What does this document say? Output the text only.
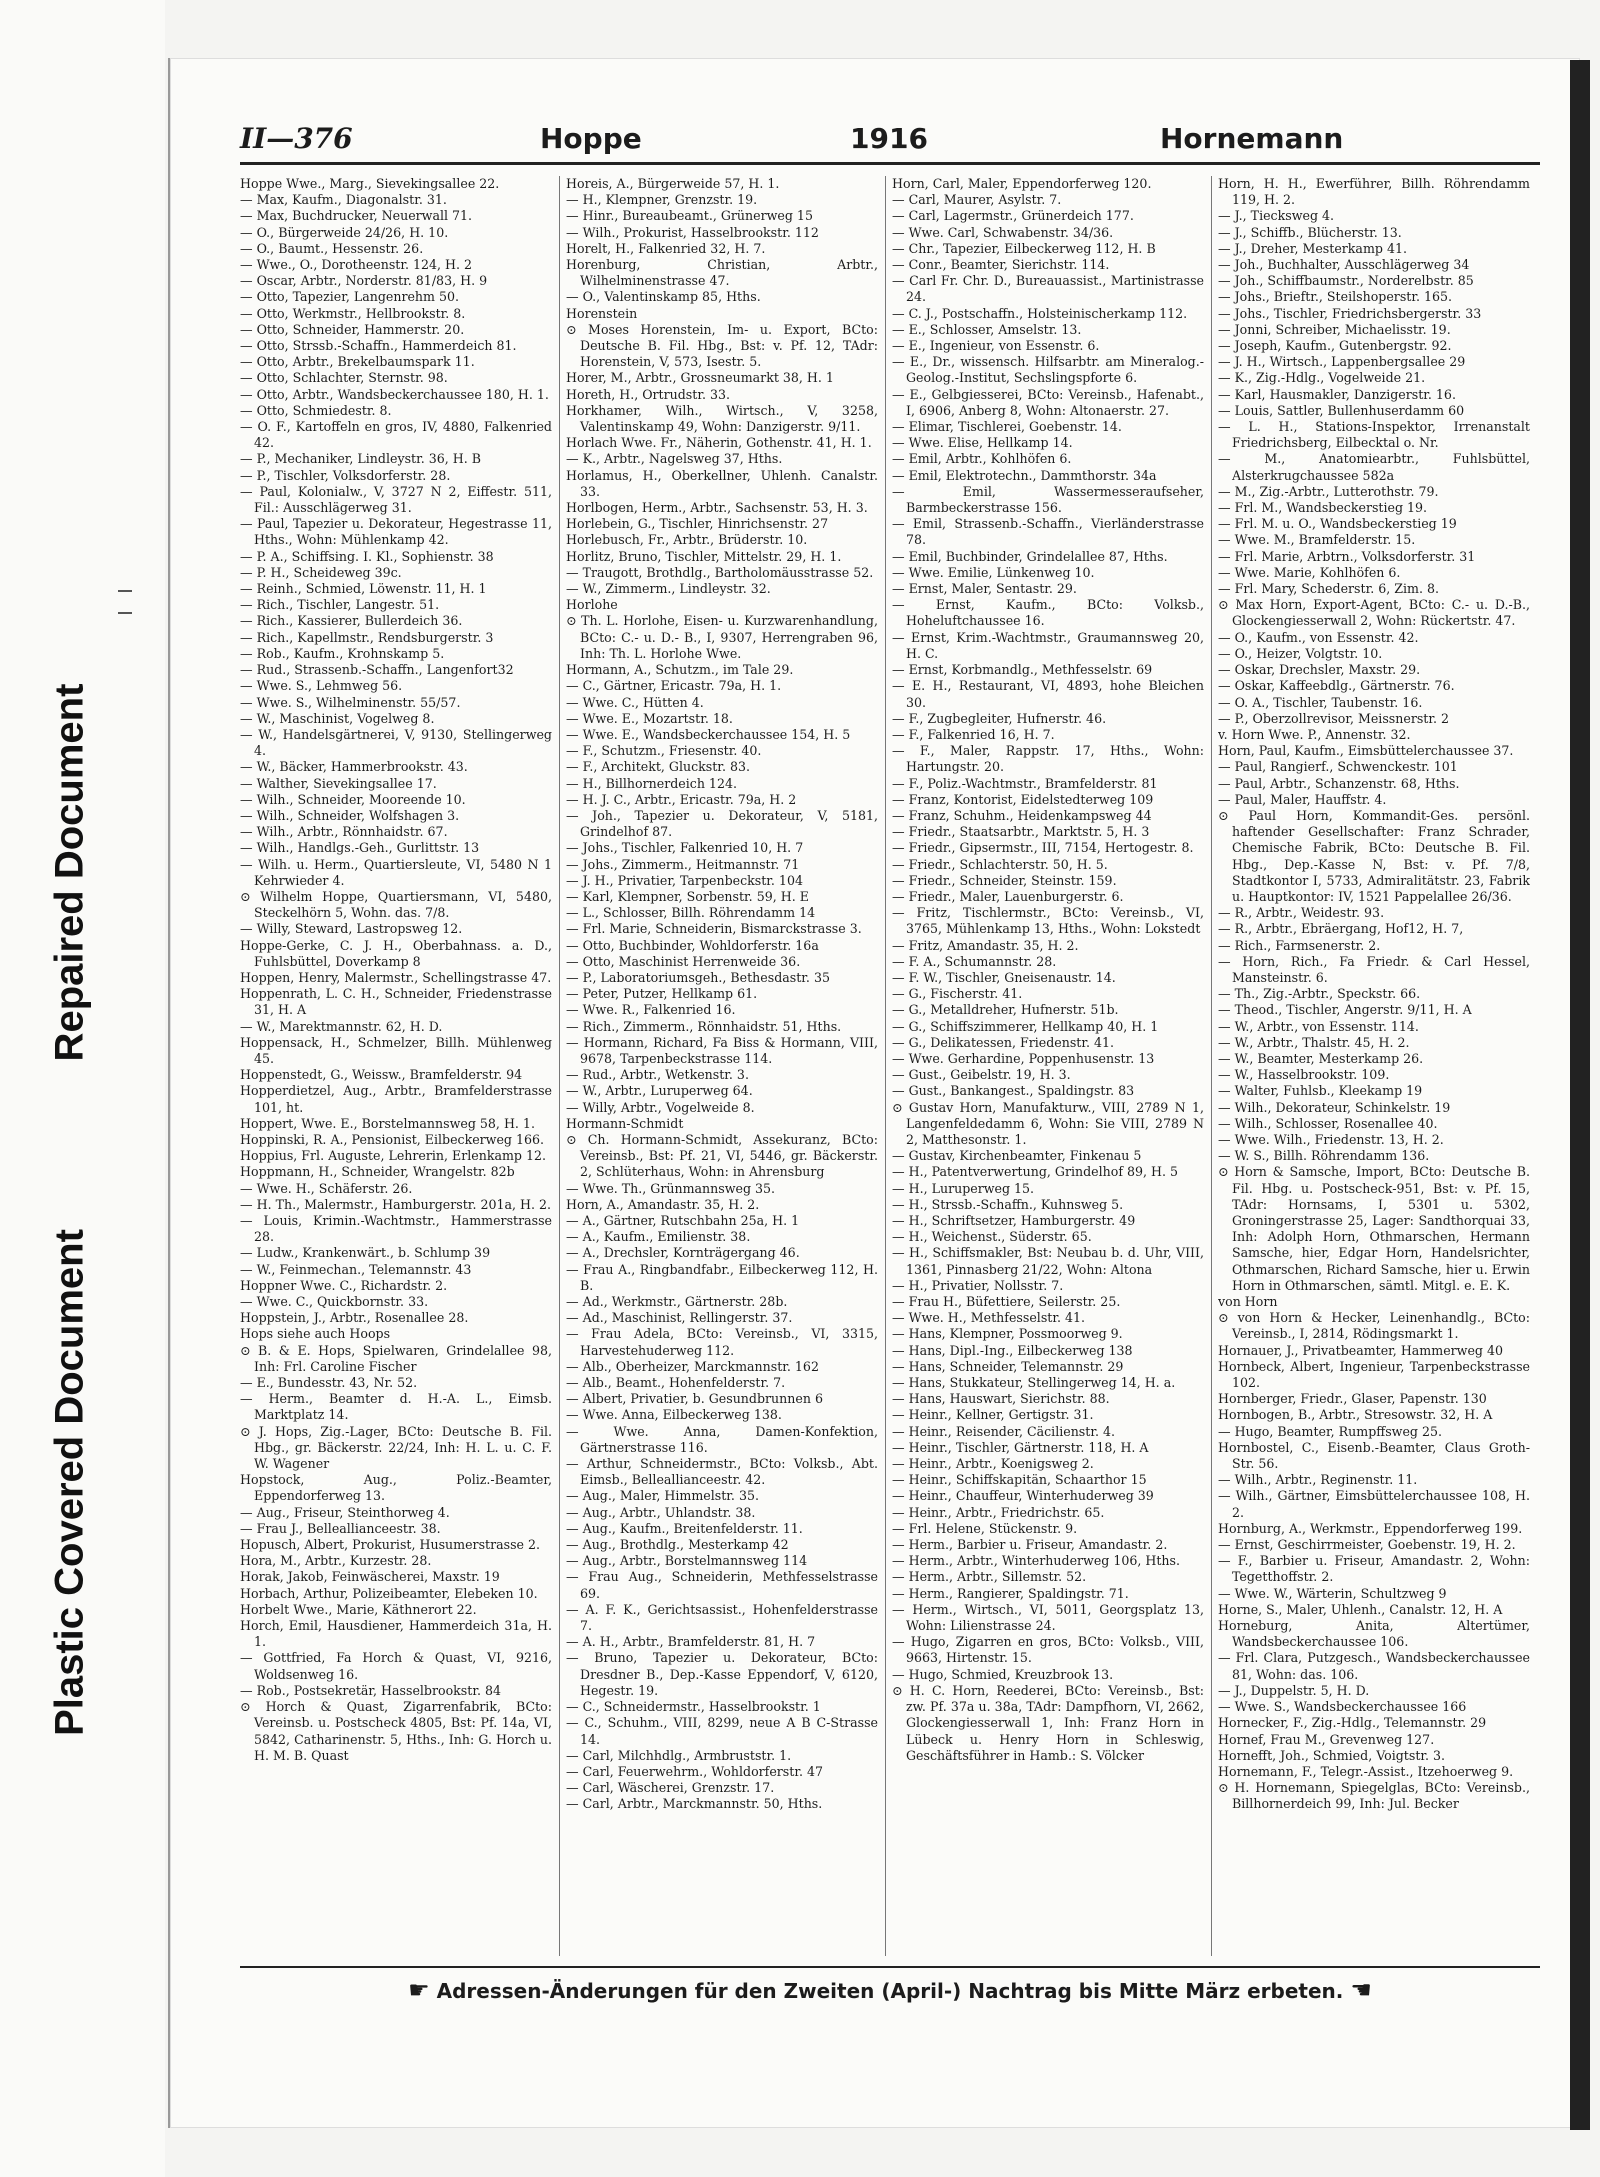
Repaired Document
Plastic Covered Document
II—376	Hoppe	1916	Hornemann

Hoppe Wwe., Marg., Sievekingsallee 22.

— Max, Kaufm., Diagonalstr. 31.

— Max, Buchdrucker, Neuerwall 71.

— O., Bürgerweide 24/26, H. 10.

— O., Baumt., Hessenstr. 26.

— Wwe., O., Dorotheenstr. 124, H. 2

— Oscar, Arbtr., Norderstr. 81/83, H. 9

— Otto, Tapezier, Langenrehm 50.

— Otto, Werkmstr., Hellbrookstr. 8.

— Otto, Schneider, Hammerstr. 20.

— Otto, Strssb.-Schaffn., Hammerdeich 81.

— Otto, Arbtr., Brekelbaumspark 11.

— Otto, Schlachter, Sternstr. 98.

— Otto, Arbtr., Wandsbeckerchaussee 180, H. 1.

— Otto, Schmiedestr. 8.

— O. F., Kartoffeln en gros, IV, 4880, Falkenried 42.

— P., Mechaniker, Lindleystr. 36, H. B

— P., Tischler, Volksdorferstr. 28.

— Paul, Kolonialw., V, 3727 N 2, Eiffestr. 511, Fil.: Ausschlägerweg 31.

— Paul, Tapezier u. Dekorateur, Hegestrasse 11, Hths., Wohn: Mühlenkamp 42.

— P. A., Schiffsing. I. Kl., Sophienstr. 38

— P. H., Scheideweg 39c.

— Reinh., Schmied, Löwenstr. 11, H. 1

— Rich., Tischler, Langestr. 51.

— Rich., Kassierer, Bullerdeich 36.

— Rich., Kapellmstr., Rendsburgerstr. 3

— Rob., Kaufm., Krohnskamp 5.

— Rud., Strassenb.-Schaffn., Langenfort32

— Wwe. S., Lehmweg 56.

— Wwe. S., Wilhelminenstr. 55/57.

— W., Maschinist, Vogelweg 8.

— W., Handelsgärtnerei, V, 9130, Stellingerweg 4.

— W., Bäcker, Hammerbrookstr. 43.

— Walther, Sievekingsallee 17.

— Wilh., Schneider, Mooreende 10.

— Wilh., Schneider, Wolfshagen 3.

— Wilh., Arbtr., Rönnhaidstr. 67.

— Wilh., Handlgs.-Geh., Gurlittstr. 13

— Wilh. u. Herm., Quartiersleute, VI, 5480 N 1 Kehrwieder 4.

⊙ Wilhelm Hoppe, Quartiersmann, VI, 5480, Steckelhörn 5, Wohn. das. 7/8.

— Willy, Steward, Lastropsweg 12.

Hoppe-Gerke, C. J. H., Oberbahnass. a. D., Fuhlsbüttel, Doverkamp 8

Hoppen, Henry, Malermstr., Schellingstrasse 47.

Hoppenrath, L. C. H., Schneider, Friedenstrasse 31, H. A

— W., Marektmannstr. 62, H. D.

Hoppensack, H., Schmelzer, Billh. Mühlenweg 45.

Hoppenstedt, G., Weissw., Bramfelderstr. 94

Hopperdietzel, Aug., Arbtr., Bramfelderstrasse 101, ht.

Hoppert, Wwe. E., Borstelmannsweg 58, H. 1.

Hoppinski, R. A., Pensionist, Eilbeckerweg 166.

Hoppius, Frl. Auguste, Lehrerin, Erlenkamp 12.

Hoppmann, H., Schneider, Wrangelstr. 82b

— Wwe. H., Schäferstr. 26.

— H. Th., Malermstr., Hamburgerstr. 201a, H. 2.

— Louis, Krimin.-Wachtmstr., Hammerstrasse 28.

— Ludw., Krankenwärt., b. Schlump 39

— W., Feinmechan., Telemannstr. 43

Hoppner Wwe. C., Richardstr. 2.

— Wwe. C., Quickbornstr. 33.

Hoppstein, J., Arbtr., Rosenallee 28.

Hops siehe auch Hoops

⊙ B. & E. Hops, Spielwaren, Grindelallee 98, Inh: Frl. Caroline Fischer

— E., Bundesstr. 43, Nr. 52.

— Herm., Beamter d. H.-A. L., Eimsb. Marktplatz 14.

⊙ J. Hops, Zig.-Lager, BCto: Deutsche B. Fil. Hbg., gr. Bäckerstr. 22/24, Inh: H. L. u. C. F. W. Wagener

Hopstock, Aug., Poliz.-Beamter, Eppendorferweg 13.

— Aug., Friseur, Steinthorweg 4.

— Frau J., Belleallianceestr. 38.

Hopusch, Albert, Prokurist, Husumerstrasse 2.

Hora, M., Arbtr., Kurzestr. 28.

Horak, Jakob, Feinwäscherei, Maxstr. 19

Horbach, Arthur, Polizeibeamter, Elebeken 10.

Horbelt Wwe., Marie, Käthnerort 22.

Horch, Emil, Hausdiener, Hammerdeich 31a, H. 1.

— Gottfried, Fa Horch & Quast, VI, 9216, Woldsenweg 16.

— Rob., Postsekretär, Hasselbrookstr. 84

⊙ Horch & Quast, Zigarrenfabrik, BCto: Vereinsb. u. Postscheck 4805, Bst: Pf. 14a, VI, 5842, Catharinenstr. 5, Hths., Inh: G. Horch u. H. M. B. Quast

Horeis, A., Bürgerweide 57, H. 1.

— H., Klempner, Grenzstr. 19.

— Hinr., Bureaubeamt., Grünerweg 15

— Wilh., Prokurist, Hasselbrookstr. 112

Horelt, H., Falkenried 32, H. 7.

Horenburg, Christian, Arbtr., Wilhelminenstrasse 47.

— O., Valentinskamp 85, Hths.

Horenstein

⊙ Moses Horenstein, Im- u. Export, BCto: Deutsche B. Fil. Hbg., Bst: v. Pf. 12, TAdr: Horenstein, V, 573, Isestr. 5.

Horer, M., Arbtr., Grossneumarkt 38, H. 1

Horeth, H., Ortrudstr. 33.

Horkhamer, Wilh., Wirtsch., V, 3258, Valentinskamp 49, Wohn: Danzigerstr. 9/11.

Horlach Wwe. Fr., Näherin, Gothenstr. 41, H. 1.

— K., Arbtr., Nagelsweg 37, Hths.

Horlamus, H., Oberkellner, Uhlenh. Canalstr. 33.

Horlbogen, Herm., Arbtr., Sachsenstr. 53, H. 3.

Horlebein, G., Tischler, Hinrichsenstr. 27

Horlebusch, Fr., Arbtr., Brüderstr. 10.

Horlitz, Bruno, Tischler, Mittelstr. 29, H. 1.

— Traugott, Brothdlg., Bartholomäusstrasse 52.

— W., Zimmerm., Lindleystr. 32.

Horlohe

⊙ Th. L. Horlohe, Eisen- u. Kurzwarenhandlung, BCto: C.- u. D.- B., I, 9307, Herrengraben 96, Inh: Th. L. Horlohe Wwe.

Hormann, A., Schutzm., im Tale 29.

— C., Gärtner, Ericastr. 79a, H. 1.

— Wwe. C., Hütten 4.

— Wwe. E., Mozartstr. 18.

— Wwe. E., Wandsbeckerchaussee 154, H. 5

— F., Schutzm., Friesenstr. 40.

— F., Architekt, Gluckstr. 83.

— H., Billhornerdeich 124.

— H. J. C., Arbtr., Ericastr. 79a, H. 2

— Joh., Tapezier u. Dekorateur, V, 5181, Grindelhof 87.

— Johs., Tischler, Falkenried 10, H. 7

— Johs., Zimmerm., Heitmannstr. 71

— J. H., Privatier, Tarpenbeckstr. 104

— Karl, Klempner, Sorbenstr. 59, H. E

— L., Schlosser, Billh. Röhrendamm 14

— Frl. Marie, Schneiderin, Bismarckstrasse 3.

— Otto, Buchbinder, Wohldorferstr. 16a

— Otto, Maschinist Herrenweide 36.

— P., Laboratoriumsgeh., Bethesdastr. 35

— Peter, Putzer, Hellkamp 61.

— Wwe. R., Falkenried 16.

— Rich., Zimmerm., Rönnhaidstr. 51, Hths.

— Hormann, Richard, Fa Biss & Hormann, VIII, 9678, Tarpenbeckstrasse 114.

— Rud., Arbtr., Wetkenstr. 3.

— W., Arbtr., Luruperweg 64.

— Willy, Arbtr., Vogelweide 8.

Hormann-Schmidt

⊙ Ch. Hormann-Schmidt, Assekuranz, BCto: Vereinsb., Bst: Pf. 21, VI, 5446, gr. Bäckerstr. 2, Schlüterhaus, Wohn: in Ahrensburg

— Wwe. Th., Grünmannsweg 35.

Horn, A., Amandastr. 35, H. 2.

— A., Gärtner, Rutschbahn 25a, H. 1

— A., Kaufm., Emilienstr. 38.

— A., Drechsler, Kornträgergang 46.

— Frau A., Ringbandfabr., Eilbeckerweg 112, H. B.

— Ad., Werkmstr., Gärtnerstr. 28b.

— Ad., Maschinist, Rellingerstr. 37.

— Frau Adela, BCto: Vereinsb., VI, 3315, Harvestehuderweg 112.

— Alb., Oberheizer, Marckmannstr. 162

— Alb., Beamt., Hohenfelderstr. 7.

— Albert, Privatier, b. Gesundbrunnen 6

— Wwe. Anna, Eilbeckerweg 138.

— Wwe. Anna, Damen-Konfektion, Gärtnerstrasse 116.

— Arthur, Schneidermstr., BCto: Volksb., Abt. Eimsb., Belleallianceestr. 42.

— Aug., Maler, Himmelstr. 35.

— Aug., Arbtr., Uhlandstr. 38.

— Aug., Kaufm., Breitenfelderstr. 11.

— Aug., Brothdlg., Mesterkamp 42

— Aug., Arbtr., Borstelmannsweg 114

— Frau Aug., Schneiderin, Methfesselstrasse 69.

— A. F. K., Gerichtsassist., Hohenfelderstrasse 7.

— A. H., Arbtr., Bramfelderstr. 81, H. 7

— Bruno, Tapezier u. Dekorateur, BCto: Dresdner B., Dep.-Kasse Eppendorf, V, 6120, Hegestr. 19.

— C., Schneidermstr., Hasselbrookstr. 1

— C., Schuhm., VIII, 8299, neue A B C-Strasse 14.

— Carl, Milchhdlg., Armbruststr. 1.

— Carl, Feuerwehrm., Wohldorferstr. 47

— Carl, Wäscherei, Grenzstr. 17.

— Carl, Arbtr., Marckmannstr. 50, Hths.

Horn, Carl, Maler, Eppendorferweg 120.

— Carl, Maurer, Asylstr. 7.

— Carl, Lagermstr., Grünerdeich 177.

— Wwe. Carl, Schwabenstr. 34/36.

— Chr., Tapezier, Eilbeckerweg 112, H. B

— Conr., Beamter, Sierichstr. 114.

— Carl Fr. Chr. D., Bureauassist., Martinistrasse 24.

— C. J., Postschaffn., Holsteinischerkamp 112.

— E., Schlosser, Amselstr. 13.

— E., Ingenieur, von Essenstr. 6.

— E., Dr., wissensch. Hilfsarbtr. am Mineralog.-Geolog.-Institut, Sechslingspforte 6.

— E., Gelbgiesserei, BCto: Vereinsb., Hafenabt., I, 6906, Anberg 8, Wohn: Altonaerstr. 27.

— Elimar, Tischlerei, Goebenstr. 14.

— Wwe. Elise, Hellkamp 14.

— Emil, Arbtr., Kohlhöfen 6.

— Emil, Elektrotechn., Dammthorstr. 34a

— Emil, Wassermesseraufseher, Barmbeckerstrasse 156.

— Emil, Strassenb.-Schaffn., Vierländerstrasse 78.

— Emil, Buchbinder, Grindelallee 87, Hths.

— Wwe. Emilie, Lünkenweg 10.

— Ernst, Maler, Sentastr. 29.

— Ernst, Kaufm., BCto: Volksb., Hoheluftchaussee 16.

— Ernst, Krim.-Wachtmstr., Graumannsweg 20, H. C.

— Ernst, Korbmandlg., Methfesselstr. 69

— E. H., Restaurant, VI, 4893, hohe Bleichen 30.

— F., Zugbegleiter, Hufnerstr. 46.

— F., Falkenried 16, H. 7.

— F., Maler, Rappstr. 17, Hths., Wohn: Hartungstr. 20.

— F., Poliz.-Wachtmstr., Bramfelderstr. 81

— Franz, Kontorist, Eidelstedterweg 109

— Franz, Schuhm., Heidenkampsweg 44

— Friedr., Staatsarbtr., Marktstr. 5, H. 3

— Friedr., Gipsermstr., III, 7154, Hertogestr. 8.

— Friedr., Schlachterstr. 50, H. 5.

— Friedr., Schneider, Steinstr. 159.

— Friedr., Maler, Lauenburgerstr. 6.

— Fritz, Tischlermstr., BCto: Vereinsb., VI, 3765, Mühlenkamp 13, Hths., Wohn: Lokstedt

— Fritz, Amandastr. 35, H. 2.

— F. A., Schumannstr. 28.

— F. W., Tischler, Gneisenaustr. 14.

— G., Fischerstr. 41.

— G., Metalldreher, Hufnerstr. 51b.

— G., Schiffszimmerer, Hellkamp 40, H. 1

— G., Delikatessen, Friedenstr. 41.

— Wwe. Gerhardine, Poppenhusenstr. 13

— Gust., Geibelstr. 19, H. 3.

— Gust., Bankangest., Spaldingstr. 83

⊙ Gustav Horn, Manufakturw., VIII, 2789 N 1, Langenfeldedamm 6, Wohn: Sie VIII, 2789 N 2, Matthesonstr. 1.

— Gustav, Kirchenbeamter, Finkenau 5

— H., Patentverwertung, Grindelhof 89, H. 5

— H., Luruperweg 15.

— H., Strssb.-Schaffn., Kuhnsweg 5.

— H., Schriftsetzer, Hamburgerstr. 49

— H., Weichenst., Süderstr. 65.

— H., Schiffsmakler, Bst: Neubau b. d. Uhr, VIII, 1361, Pinnasberg 21/22, Wohn: Altona

— H., Privatier, Nollsstr. 7.

— Frau H., Büfettiere, Seilerstr. 25.

— Wwe. H., Methfesselstr. 41.

— Hans, Klempner, Possmoorweg 9.

— Hans, Dipl.-Ing., Eilbeckerweg 138

— Hans, Schneider, Telemannstr. 29

— Hans, Stukkateur, Stellingerweg 14, H. a.

— Hans, Hauswart, Sierichstr. 88.

— Heinr., Kellner, Gertigstr. 31.

— Heinr., Reisender, Cäcilienstr. 4.

— Heinr., Tischler, Gärtnerstr. 118, H. A

— Heinr., Arbtr., Koenigsweg 2.

— Heinr., Schiffskapitän, Schaarthor 15

— Heinr., Chauffeur, Winterhuderweg 39

— Heinr., Arbtr., Friedrichstr. 65.

— Frl. Helene, Stückenstr. 9.

— Herm., Barbier u. Friseur, Amandastr. 2.

— Herm., Arbtr., Winterhuderweg 106, Hths.

— Herm., Arbtr., Sillemstr. 52.

— Herm., Rangierer, Spaldingstr. 71.

— Herm., Wirtsch., VI, 5011, Georgsplatz 13, Wohn: Lilienstrasse 24.

— Hugo, Zigarren en gros, BCto: Volksb., VIII, 9663, Hirtenstr. 15.

— Hugo, Schmied, Kreuzbrook 13.

⊙ H. C. Horn, Reederei, BCto: Vereinsb., Bst: zw. Pf. 37a u. 38a, TAdr: Dampfhorn, VI, 2662, Glockengiesserwall 1, Inh: Franz Horn in Lübeck u. Henry Horn in Schleswig, Geschäftsführer in Hamb.: S. Völcker

Horn, H. H., Ewerführer, Billh. Röhrendamm 119, H. 2.

— J., Tiecksweg 4.

— J., Schiffb., Blücherstr. 13.

— J., Dreher, Mesterkamp 41.

— Joh., Buchhalter, Ausschlägerweg 34

— Joh., Schiffbaumstr., Norderelbstr. 85

— Johs., Brieftr., Steilshoperstr. 165.

— Johs., Tischler, Friedrichsbergerstr. 33

— Jonni, Schreiber, Michaelisstr. 19.

— Joseph, Kaufm., Gutenbergstr. 92.

— J. H., Wirtsch., Lappenbergsallee 29

— K., Zig.-Hdlg., Vogelweide 21.

— Karl, Hausmakler, Danzigerstr. 16.

— Louis, Sattler, Bullenhuserdamm 60

— L. H., Stations-Inspektor, Irrenanstalt Friedrichsberg, Eilbecktal o. Nr.

— M., Anatomiearbtr., Fuhlsbüttel, Alsterkrugchaussee 582a

— M., Zig.-Arbtr., Lutterothstr. 79.

— Frl. M., Wandsbeckerstieg 19.

— Frl. M. u. O., Wandsbeckerstieg 19

— Wwe. M., Bramfelderstr. 15.

— Frl. Marie, Arbtrn., Volksdorferstr. 31

— Wwe. Marie, Kohlhöfen 6.

— Frl. Mary, Schederstr. 6, Zim. 8.

⊙ Max Horn, Export-Agent, BCto: C.- u. D.-B., Glockengiesserwall 2, Wohn: Rückertstr. 47.

— O., Kaufm., von Essenstr. 42.

— O., Heizer, Volgtstr. 10.

— Oskar, Drechsler, Maxstr. 29.

— Oskar, Kaffeebdlg., Gärtnerstr. 76.

— O. A., Tischler, Taubenstr. 16.

— P., Oberzollrevisor, Meissnerstr. 2

v. Horn Wwe. P., Annenstr. 32.

Horn, Paul, Kaufm., Eimsbüttelerchaussee 37.

— Paul, Rangierf., Schwenckestr. 101

— Paul, Arbtr., Schanzenstr. 68, Hths.

— Paul, Maler, Hauffstr. 4.

⊙ Paul Horn, Kommandit-Ges. persönl. haftender Gesellschafter: Franz Schrader, Chemische Fabrik, BCto: Deutsche B. Fil. Hbg., Dep.-Kasse N, Bst: v. Pf. 7/8, Stadtkontor I, 5733, Admiralitätstr. 23, Fabrik u. Hauptkontor: IV, 1521 Pappelallee 26/36.

— R., Arbtr., Weidestr. 93.

— R., Arbtr., Ebräergang, Hof12, H. 7,

— Rich., Farmsenerstr. 2.

— Horn, Rich., Fa Friedr. & Carl Hessel, Mansteinstr. 6.

— Th., Zig.-Arbtr., Speckstr. 66.

— Theod., Tischler, Angerstr. 9/11, H. A

— W., Arbtr., von Essenstr. 114.

— W., Arbtr., Thalstr. 45, H. 2.

— W., Beamter, Mesterkamp 26.

— W., Hasselbrookstr. 109.

— Walter, Fuhlsb., Kleekamp 19

— Wilh., Dekorateur, Schinkelstr. 19

— Wilh., Schlosser, Rosenallee 40.

— Wwe. Wilh., Friedenstr. 13, H. 2.

— W. S., Billh. Röhrendamm 136.

⊙ Horn & Samsche, Import, BCto: Deutsche B. Fil. Hbg. u. Postscheck-951, Bst: v. Pf. 15, TAdr: Hornsams, I, 5301 u. 5302, Groningerstrasse 25, Lager: Sandthorquai 33, Inh: Adolph Horn, Othmarschen, Hermann Samsche, hier, Edgar Horn, Handelsrichter, Othmarschen, Richard Samsche, hier u. Erwin Horn in Othmarschen, sämtl. Mitgl. e. E. K.

von Horn

⊙ von Horn & Hecker, Leinenhandlg., BCto: Vereinsb., I, 2814, Rödingsmarkt 1.

Hornauer, J., Privatbeamter, Hammerweg 40

Hornbeck, Albert, Ingenieur, Tarpenbeckstrasse 102.

Hornberger, Friedr., Glaser, Papenstr. 130

Hornbogen, B., Arbtr., Stresowstr. 32, H. A

— Hugo, Beamter, Rumpffsweg 25.

Hornbostel, C., Eisenb.-Beamter, Claus Groth-Str. 56.

— Wilh., Arbtr., Reginenstr. 11.

— Wilh., Gärtner, Eimsbüttelerchaussee 108, H. 2.

Hornburg, A., Werkmstr., Eppendorferweg 199.

— Ernst, Geschirrmeister, Goebenstr. 19, H. 2.

— F., Barbier u. Friseur, Amandastr. 2, Wohn: Tegetthoffstr. 2.

— Wwe. W., Wärterin, Schultzweg 9

Horne, S., Maler, Uhlenh., Canalstr. 12, H. A

Horneburg, Anita, Altertümer, Wandsbeckerchaussee 106.

— Frl. Clara, Putzgesch., Wandsbeckerchaussee 81, Wohn: das. 106.

— J., Duppelstr. 5, H. D.

— Wwe. S., Wandsbeckerchaussee 166

Hornecker, F., Zig.-Hdlg., Telemannstr. 29

Hornef, Frau M., Grevenweg 127.

Hornefft, Joh., Schmied, Voigtstr. 3.

Hornemann, F., Telegr.-Assist., Itzehoerweg 9.

⊙ H. Hornemann, Spiegelglas, BCto: Vereinsb., Billhornerdeich 99, Inh: Jul. Becker

☛ Adressen-Änderungen für den Zweiten (April-) Nachtrag bis Mitte März erbeten. ☚
